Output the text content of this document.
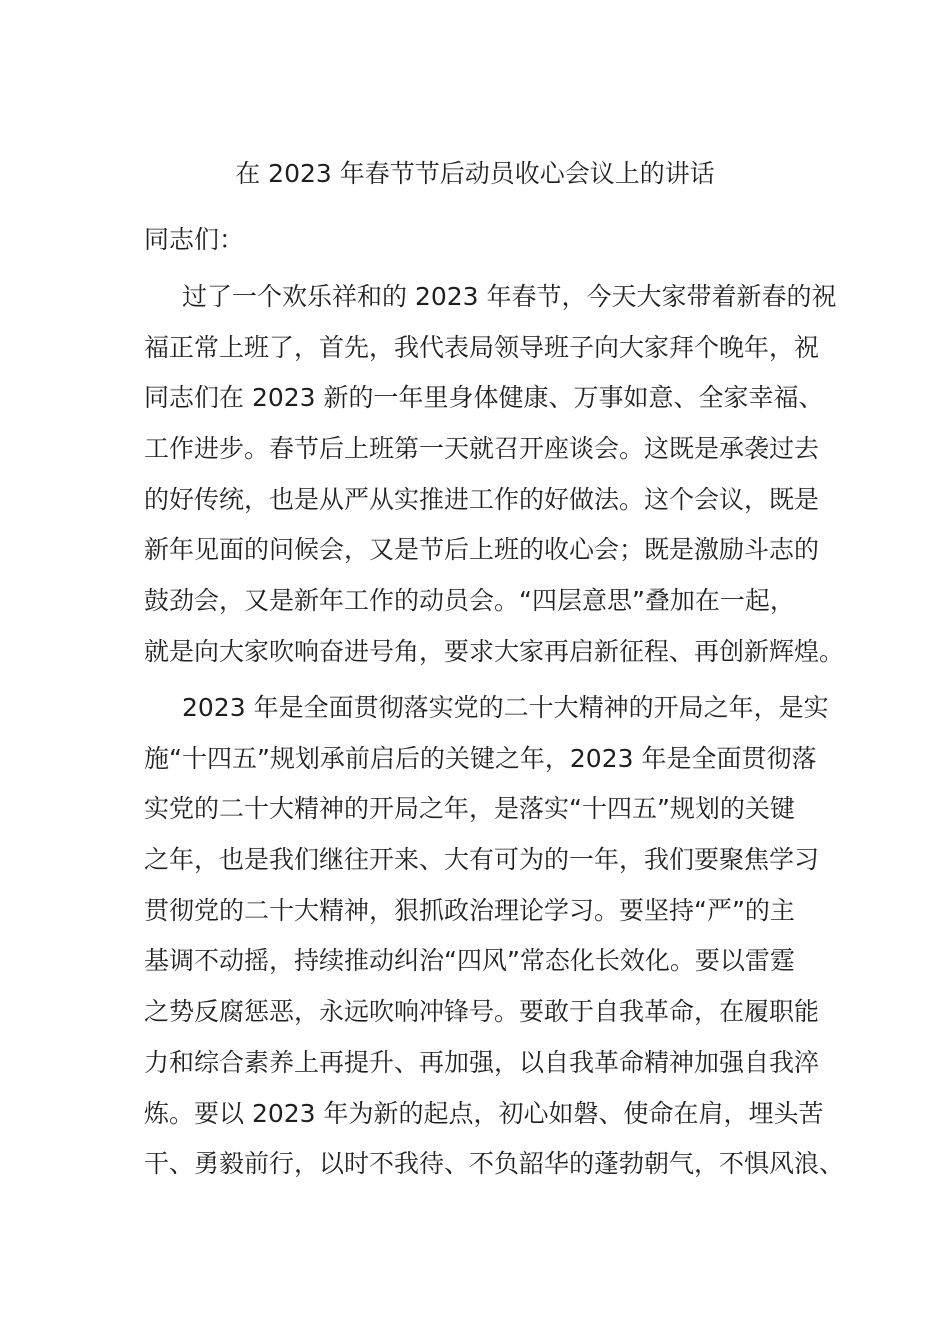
在 2023 年春节节后动员收心会议上的讲话
同志们：
过了一个欢乐祥和的 2023 年春节，今天大家带着新春的祝
福正常上班了，首先，我代表局领导班子向大家拜个晚年，祝
同志们在 2023 新的一年里身体健康、万事如意、全家幸福、
工作进步。春节后上班第一天就召开座谈会。这既是承袭过去
的好传统，也是从严从实推进工作的好做法。这个会议，既是
新年见面的问候会，又是节后上班的收心会；既是激励斗志的
鼓劲会，又是新年工作的动员会。“四层意思”叠加在一起，
就是向大家吹响奋进号角，要求大家再启新征程、再创新辉煌。
2023 年是全面贯彻落实党的二十大精神的开局之年，是实
施“十四五”规划承前启后的关键之年，2023 年是全面贯彻落
实党的二十大精神的开局之年，是落实“十四五”规划的关键
之年，也是我们继往开来、大有可为的一年，我们要聚焦学习
贯彻党的二十大精神，狠抓政治理论学习。要坚持“严”的主
基调不动摇，持续推动纠治“四风”常态化长效化。要以雷霆
之势反腐惩恶，永远吹响冲锋号。要敢于自我革命，在履职能
力和综合素养上再提升、再加强，以自我革命精神加强自我淬
炼。要以 2023 年为新的起点，初心如磐、使命在肩，埋头苦
干、勇毅前行，以时不我待、不负韶华的蓬勃朝气，不惧风浪、
